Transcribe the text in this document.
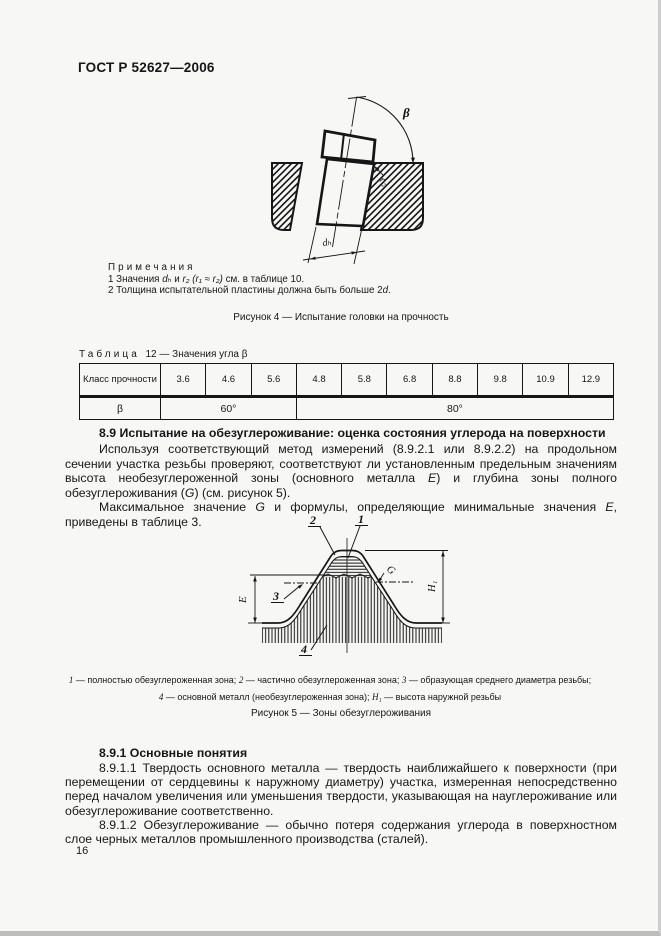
ГОСТ Р 52627—2006
β
r₂
dₕ
Примечания
1 Значения dₕ и r₂ (r₁ ≈ r₂) см. в таблице 10.
2 Толщина испытательной пластины должна быть больше 2d.
Рисунок 4 — Испытание головки на прочность
Таблица 12 — Значения угла β
Класс прочности	3.6	4.6	5.6	4.8	5.8	6.8	8.8	9.8	10.9	12.9
β	60°			80°						

8.9 Испытание на обезуглероживание: оценка состояния углерода на поверхности

Используя соответствующий метод измерений (8.9.2.1 или 8.9.2.2) на продольном сечении участка резьбы проверяют, соответствуют ли установленным предельным значениям высота необезуглероженной зоны (основного металла E) и глубина зоны полного обезуглероживания (G) (см. рисунок 5).

Максимальное значение G и формулы, определяющие минимальные значения E, приведены в таблице 3.

E
H₁
G
1
2
3
4
1 — полностью обезуглероженная зона; 2 — частично обезуглероженная зона; 3 — образующая среднего диаметра резьбы;
4 — основной металл (необезуглероженная зона); H₁ — высота наружной резьбы
Рисунок 5 — Зоны обезуглероживания

8.9.1 Основные понятия

8.9.1.1 Твердость основного металла — твердость наиближайшего к поверхности (при перемещении от сердцевины к наружному диаметру) участка, измеренная непосредственно перед началом увеличения или уменьшения твердости, указывающая на науглероживание или обезуглероживание соответственно.

8.9.1.2 Обезуглероживание — обычно потеря содержания углерода в поверхностном слое черных металлов промышленного производства (сталей).

16
